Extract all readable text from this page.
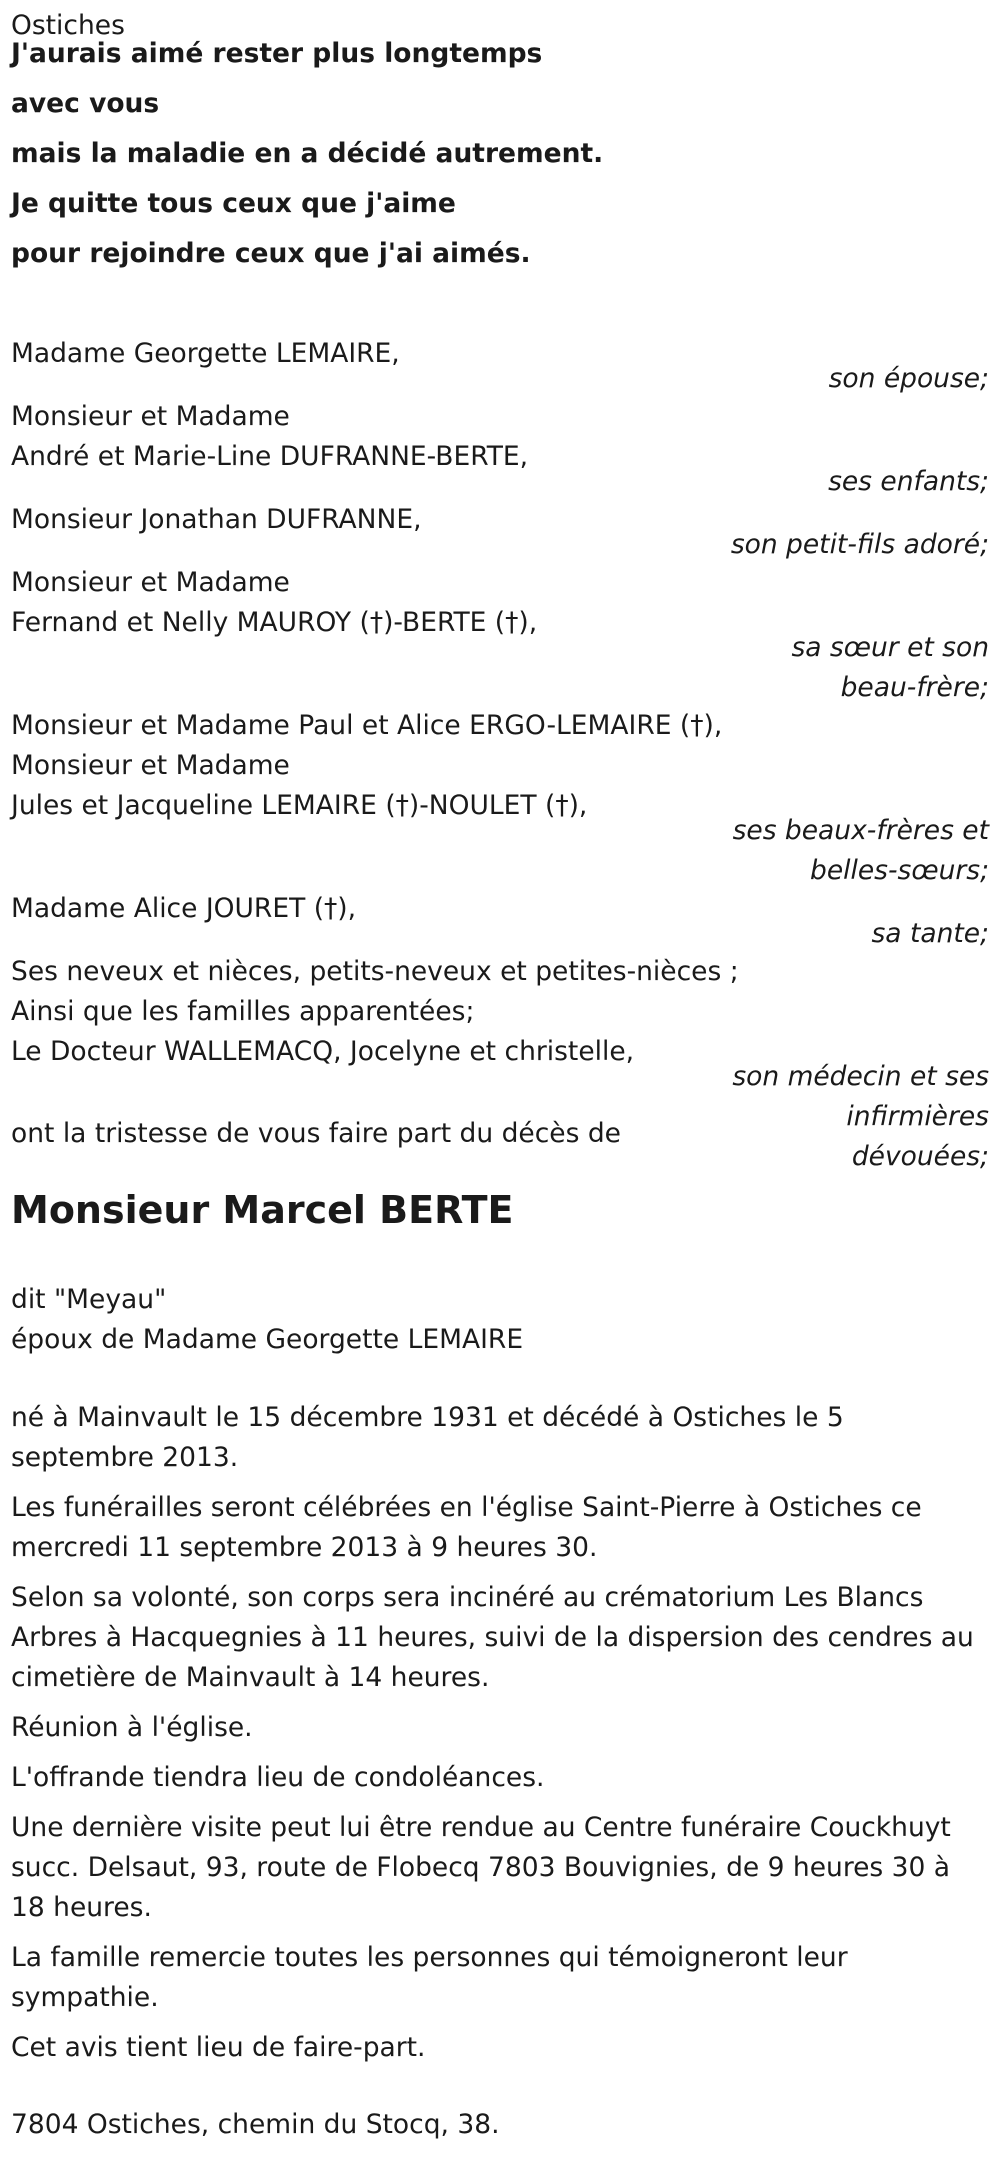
Ostiches
J'aurais aimé rester plus longtemps
avec vous
mais la maladie en a décidé autrement.
Je quitte tous ceux que j'aime
pour rejoindre ceux que j'ai aimés.
Madame Georgette LEMAIRE,
son épouse;
Monsieur et Madame
André et Marie-Line DUFRANNE-BERTE,
ses enfants;
Monsieur Jonathan DUFRANNE,
son petit-fils adoré;
Monsieur et Madame
Fernand et Nelly MAUROY (†)-BERTE (†),
sa sœur et son
beau-frère;
Monsieur et Madame Paul et Alice ERGO-LEMAIRE (†),
Monsieur et Madame
Jules et Jacqueline LEMAIRE (†)-NOULET (†),
ses beaux-frères et
belles-sœurs;
Madame Alice JOURET (†),
sa tante;
Ses neveux et nièces, petits-neveux et petites-nièces ;
Ainsi que les familles apparentées;
Le Docteur WALLEMACQ, Jocelyne et christelle,
son médecin et ses
infirmières
dévouées;
ont la tristesse de vous faire part du décès de
Monsieur Marcel BERTE
dit "Meyau"
époux de Madame Georgette LEMAIRE

né à Mainvault le 15 décembre 1931 et décédé à Ostiches le 5 septembre 2013.

Les funérailles seront célébrées en l'église Saint-Pierre à Ostiches ce mercredi 11 septembre 2013 à 9 heures 30.

Selon sa volonté, son corps sera incinéré au crématorium Les Blancs Arbres à Hacquegnies à 11 heures, suivi de la dispersion des cendres au cimetière de Mainvault à 14 heures.

Réunion à l'église.

L'offrande tiendra lieu de condoléances.

Une dernière visite peut lui être rendue au Centre funéraire Couckhuyt succ. Delsaut, 93, route de Flobecq 7803 Bouvignies, de 9 heures 30 à 18 heures.

La famille remercie toutes les personnes qui témoigneront leur sympathie.

Cet avis tient lieu de faire-part.

7804 Ostiches, chemin du Stocq, 38.
